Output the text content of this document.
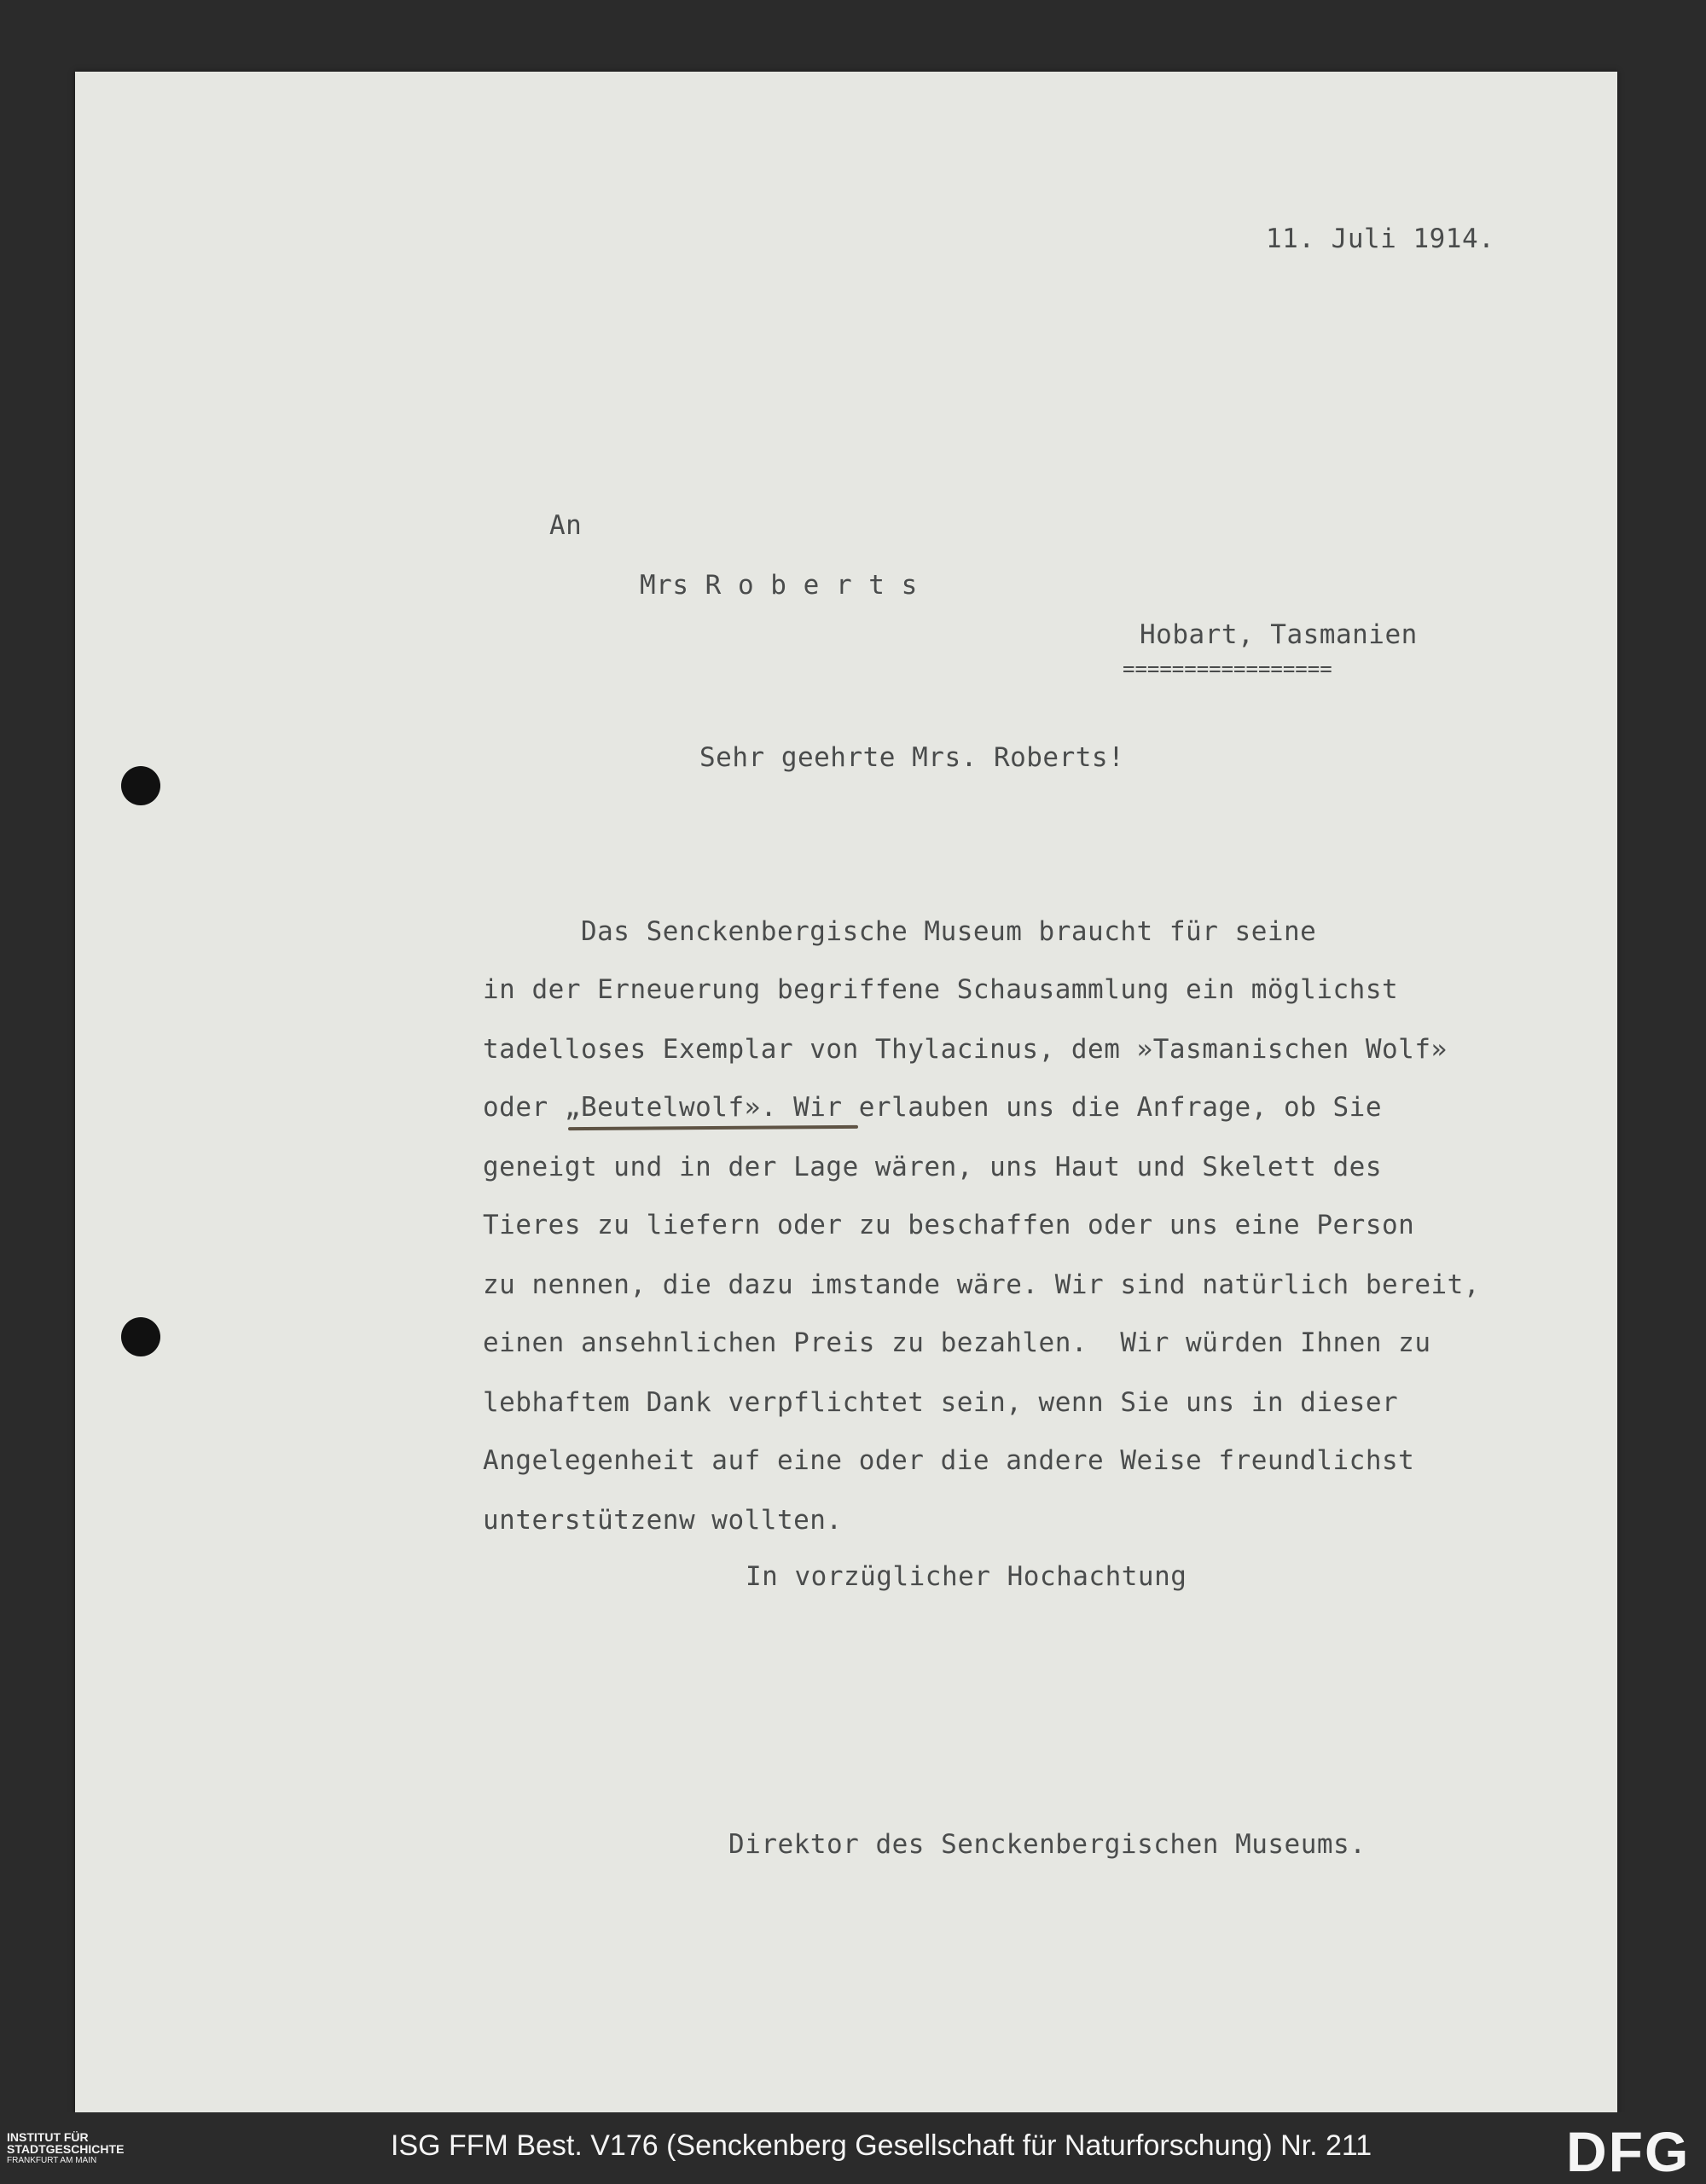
11. Juli 1914.
An
Mrs R o b e r t s
Hobart, Tasmanien
=================
Sehr geehrte Mrs. Roberts!
Das Senckenbergische Museum braucht für seine
in der Erneuerung begriffene Schausammlung ein möglichst
tadelloses Exemplar von Thylacinus, dem »Tasmanischen Wolf»
oder „Beutelwolf». Wir erlauben uns die Anfrage, ob Sie
geneigt und in der Lage wären, uns Haut und Skelett des
Tieres zu liefern oder zu beschaffen oder uns eine Person
zu nennen, die dazu imstande wäre. Wir sind natürlich bereit,
einen ansehnlichen Preis zu bezahlen.  Wir würden Ihnen zu
lebhaftem Dank verpflichtet sein, wenn Sie uns in dieser
Angelegenheit auf eine oder die andere Weise freundlichst
unterstützenw wollten.
In vorzüglicher Hochachtung
Direktor des Senckenbergischen Museums.
INSTITUT FÜR
STADTGESCHICHTE
FRANKFURT AM MAIN	ISG FFM Best. V176 (Senckenberg Gesellschaft für Naturforschung) Nr. 211	DFG
